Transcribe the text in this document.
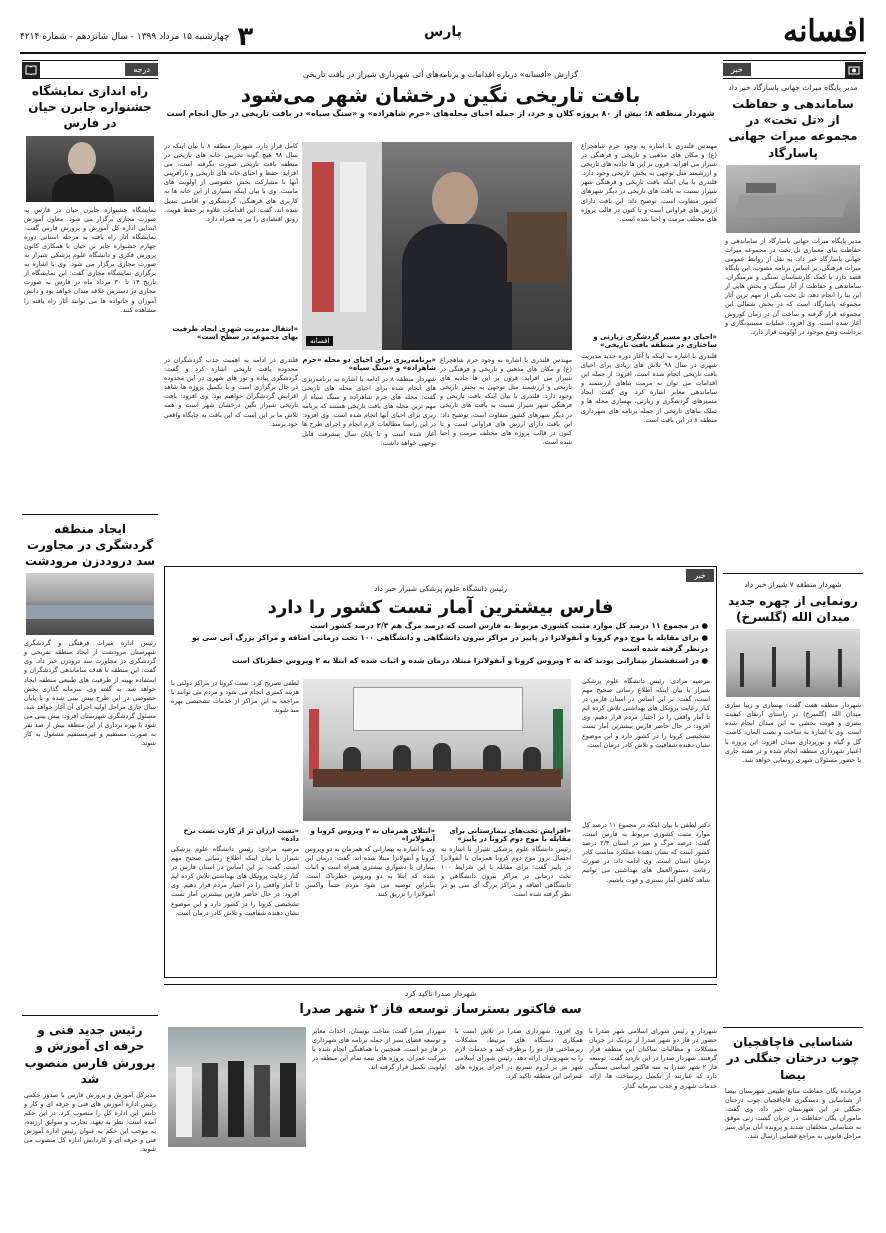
افسانه
پارس
۳
چهارشنبه ۱۵ مرداد ۱۳۹۹ - سال شانزدهم - شماره ۴۲۱۴
درجه
راه اندازی نمایشگاه جشنواره جابرن حیان در فارس
نمایشگاه جشنواره جابرن حیان در فارس به صورت مجازی برگزار می شود. معاون آموزش ابتدایی اداره کل آموزش و پرورش فارس گفت: نمایشگاه آثار راه یافته به مرحله استانی دوره چهارم جشنواره جابر بن حیان با همکاری کانون پرورش فکری و دانشگاه علوم پزشکی شیراز به صورت مجازی برگزار می شود. وی با اشاره به برگزاری نمایشگاه مجازی گفت: این نمایشگاه از تاریخ ۱۴ تا ۳۰ مرداد ماه در فارس به صورت مجازی در دسترس علاقه مندان خواهد بود و دانش آموزان و خانواده ها می توانند آثار راه یافته را مشاهده کنند.
ایجاد منطقه گردشگری در مجاورت سد دروددزن مرودشت
رئیس اداره میراث فرهنگی و گردشگری شهرستان مرودشت از ایجاد منطقه تفریحی و گردشگری در مجاورت سد درودزن خبر داد. وی گفت: این منطقه با هدف ساماندهی گردشگران و استفاده بهینه از ظرفیت های طبیعی منطقه ایجاد خواهد شد. به گفته وی، سرمایه گذاری بخش خصوصی در این طرح پیش بینی شده و تا پایان سال جاری مراحل اولیه اجرای آن آغاز خواهد شد. مسئول گردشگری شهرستان افزود: پیش بینی می شود با بهره برداری از این منطقه بیش از صد نفر به صورت مستقیم و غیرمستقیم مشغول به کار شوند.
رئیس جدید فنی و حرفه ای آموزش و پرورش فارس منصوب شد
مدیرکل آموزش و پرورش فارس با صدور حکمی رئیس اداره آموزش های فنی و حرفه ای و کار و دانش این اداره کل را منصوب کرد. در این حکم آمده است: نظر به تعهد، تجارب و سوابق ارزنده، به موجب این حکم به عنوان رئیس اداره آموزش فنی و حرفه ای و کاردانش اداره کل منصوب می شوید.
خبر
مدیر پایگاه میراث جهانی پاسارگاد خبر داد
ساماندهی و حفاظت از «تل تخت» در مجموعه میراث جهانی پاسارگاد
مدیر پایگاه میراث جهانی پاسارگاد از ساماندهی و حفاظت بنای معماری تل تخت در مجموعه میراث جهانی پاسارگاد خبر داد. به نقل از روابط عمومی میراث فرهنگی، بر اساس برنامه مصوب، این پایگاه قصد دارد با کمک کارشناسان سنگی و مرمتگران، ساماندهی و حفاظت از آثار سنگی و بخش هایی از این بنا را انجام دهد. تل تخت یکی از مهم ترین آثار مجموعه پاسارگاد است که در بخش شمالی این مجموعه قرار گرفته و ساخت آن در زمان کوروش آغاز شده است. وی افزود: عملیات مستندنگاری و برداشت وضع موجود در اولویت قرار دارد.
شهردار منطقه ۷ شیراز خبر داد
رونمایی از چهره جدید میدان الله (گلسرخ)
شهردار منطقه هفت گفت: بهسازی و زیبا سازی میدان الله (گلسرخ) در راستای ارتقای کیفیت بصری و هویت بخشی به این میدان انجام شده است. وی با اشاره به ساخت و نصب المان، کاشت گل و گیاه و نورپردازی میدان افزود: این پروژه با اعتبار شهرداری منطقه انجام شده و در هفته جاری با حضور مسئولان شهری رونمایی خواهد شد.
شناسایی قاچاقچیان چوب درختان جنگلی در بیضا
فرمانده یگان حفاظت منابع طبیعی شهرستان بیضا از شناسایی و دستگیری قاچاقچیان چوب درختان جنگلی در این شهرستان خبر داد. وی گفت: ماموران یگان حفاظت در جریان گشت زنی موفق به شناسایی متخلفان شدند و پرونده آنان برای سیر مراحل قانونی به مراجع قضایی ارسال شد.
گزارش «افسانه» درباره اقدامات و برنامه‌های آتی شهرداری شیراز در بافت تاریخی
بافت تاریخی نگین درخشان شهر می‌شود
شهردار منطقه ۸: بیش از ۸۰ پروژه کلان و خرد، از جمله احیای محله‌های «حرم شاهزاده» و «سنگ سیاه» در بافت تاریخی در حال انجام است
مهندس قلندری با اشاره به وجود حرم شاهچراغ (ع) و مکان های مذهبی و تاریخی و فرهنگی در شیراز می افزاید: قرون بر این ها جاذبه های تاریخی و ارزشمند مثل توجهی به بخش تاریخی وجود دارد. قلندری با بیان اینکه بافت تاریخی و فرهنگی شهر شیراز نسبت به بافت های تاریخی در دیگر شهرهای کشور متفاوت است، توضیح داد: این بافت دارای ارزش های فراوانی است و تا کنون در قالب پروژه های مختلف مرمت و احیا شده است.
«احیای دو مسیر گردشگری زیارتی و ساختاری در منطقه بافت تاریخی»
قلندری با اشاره به اینکه با آغاز دوره جدید مدیریت شهری در سال ۹۸ تلاش های زیادی برای احیای بافت تاریخی انجام شده است، افزود: از جمله این اقدامات می توان به مرمت بناهای ارزشمند و ساماندهی معابر اشاره کرد. وی گفت: ایجاد مسیرهای گردشگری و زیارتی، بهسازی محله ها و تملک بناهای تاریخی از جمله برنامه های شهرداری منطقه ۸ در این بافت است.
افسانه
کامل قرار دارد. شهردار منطقه ۸ با بیان اینکه در سال ۹۸ هیچ گونه تخریبی خانه های تاریخی در منطقه بافت تاریخی صورت نگرفته است، می افزاید: حفظ و احیای خانه های تاریخی و بازآفرینی آنها با مشارکت بخش خصوصی از اولویت های ماست. وی با بیان اینکه بسیاری از این خانه ها به کاربری های فرهنگی، گردشگری و اقامتی تبدیل شده اند، گفت: این اقدامات علاوه بر حفظ هویت، رونق اقتصادی را نیز به همراه دارد.
«انتقال مدیریت شهری ایجاد ظرفیت بهای مجموعه در سطح است»
«برنامه‌ریزی برای احیای دو محله «حرم شاهزاده» و «سنگ سیاه»
شهردار منطقه ۸ در ادامه با اشاره به برنامه‌ریزی های انجام شده برای احیای محله های تاریخی گفت: محله های حرم شاهزاده و سنگ سیاه از مهم ترین محله های بافت تاریخی هستند که برنامه ریزی برای احیای آنها انجام شده است. وی افزود: در این راستا مطالعات لازم انجام و اجرای طرح ها آغاز شده است و تا پایان سال پیشرفت قابل توجهی خواهد داشت.
قلندری در ادامه به اهمیت جذب گردشگران در محدوده بافت تاریخی اشاره کرد و گفت: گردشگری پیاده و تور های شهری در این محدوده در حال برگزاری است و با تکمیل پروژه ها شاهد افزایش گردشگران خواهیم بود. وی افزود: بافت تاریخی شیراز نگین درخشان شهر است و همه تلاش ما بر این است که این بافت به جایگاه واقعی خود برسد.
مهندس قلندری با اشاره به وجود حرم شاهچراغ (ع) و مکان های مذهبی و تاریخی و فرهنگی در شیراز می افزاید: قرون بر این ها جاذبه های تاریخی و ارزشمند مثل توجهی به بخش تاریخی وجود دارد. قلندری با بیان اینکه بافت تاریخی و فرهنگی شهر شیراز نسبت به بافت های تاریخی در دیگر شهرهای کشور متفاوت است، توضیح داد: این بافت دارای ارزش های فراوانی است و تا کنون در قالب پروژه های مختلف مرمت و احیا شده است.
خبر
رئیس دانشگاه علوم پزشکی شیراز خبر داد
فارس بیشترین آمار تست کشور را دارد
● در مجموع ۱۱ درصد کل موارد مثبت کشوری مربوط به فارس است که درصد مرگ هم ۲/۳ درصد کشور است
● برای مقابله با موج دوم کرونا و آنفولانزا در پاییز در مراکز بیرون دانشگاهی و دانشگاهی ۱۰۰ تخت درمانی اضافه و مراکز بزرگ آنی سی یو درنظر گرفته شده است
● در استفشمار بیمارانی بودند که به ۲ ویروس کرونا و آنفولانزا مبتلا، درمان شده و اثبات شده که ابتلا به ۲ ویروس خطرناک است
مرضیه مرادی: رئیس دانشگاه علوم پزشکی شیراز با بیان اینکه اطلاع رسانی صحیح مهم است، گفت: بر این اساس در استان فارس در کنار رعایت پروتکل های بهداشتی تلاش کرده ایم تا آمار واقعی را در اختیار مردم قرار دهیم. وی افزود: در حال حاضر فارس بیشترین آمار تست تشخیصی کرونا را در کشور دارد و این موضوع نشان دهنده شفافیت و تلاش کادر درمان است.
دکتر لطفی با بیان اینکه در مجموع ۱۱ درصد کل موارد مثبت کشوری مربوط به فارس است، گفت: درصد مرگ و میر در استان ۲/۳ درصد کشور است که نشان دهنده عملکرد مناسب کادر درمان استان است. وی ادامه داد: در صورت رعایت دستورالعمل های بهداشتی می توانیم شاهد کاهش آمار بستری و فوت باشیم.
لطفی تصریح کرد: تست کرونا در مراکز دولتی با هزینه کمتری انجام می شود و مردم می توانند با مراجعه به این مراکز از خدمات تشخیصی بهره مند شوند.
«افزایش تخت‌های بیمارستانی برای مقابله با موج دوم کرونا در پاییز»
رئیس دانشگاه علوم پزشکی شیراز با اشاره به احتمال بروز موج دوم کرونا همزمان با آنفولانزا در پاییز گفت: برای مقابله با این شرایط ۱۰۰ تخت درمانی در مراکز بیرون دانشگاهی و دانشگاهی اضافه و مراکز بزرگ آی سی یو در نظر گرفته شده است.
«ابتلای همزمان به ۲ ویروس کرونا و آنفولانزا»
وی با اشاره به بیمارانی که همزمان به دو ویروس کرونا و آنفولانزا مبتلا شده اند، گفت: درمان این بیماران با دشواری بیشتری همراه است و اثبات شده که ابتلا به دو ویروس خطرناک است. بنابراین توصیه می شود مردم حتماً واکسن آنفولانزا را تزریق کنند.
«تست ارزان تر از کارت تست نرخ داده»
مرضیه مرادی: رئیس دانشگاه علوم پزشکی شیراز با بیان اینکه اطلاع رسانی صحیح مهم است، گفت: بر این اساس در استان فارس در کنار رعایت پروتکل های بهداشتی تلاش کرده ایم تا آمار واقعی را در اختیار مردم قرار دهیم. وی افزود: در حال حاضر فارس بیشترین آمار تست تشخیصی کرونا را در کشور دارد و این موضوع نشان دهنده شفافیت و تلاش کادر درمان است.
شهردار صدرا تاکید کرد
سه فاکتور بسترساز توسعه فاز ۲ شهر صدرا
شهردار و رئیس شورای اسلامی شهر صدرا با حضور در فاز دو شهر صدرا از نزدیک در جریان مشکلات و مطالبات ساکنان این منطقه قرار گرفتند. شهردار صدرا در این بازدید گفت: توسعه فاز ۲ شهر صدرا به سه فاکتور اساسی بستگی دارد که عبارتند از تکمیل زیرساخت ها، ارائه خدمات شهری و جذب سرمایه گذار.
وی افزود: شهرداری صدرا در تلاش است با همکاری دستگاه های مرتبط، مشکلات زیرساختی فاز دو را برطرف کند و خدمات لازم را به شهروندان ارائه دهد. رئیس شورای اسلامی شهر نیز بر لزوم تسریع در اجرای پروژه های عمرانی این منطقه تاکید کرد.
شهردار صدرا گفت: ساخت بوستان، احداث معابر و توسعه فضای سبز از جمله برنامه های شهرداری در فاز دو است. همچنین با هماهنگی انجام شده با شرکت عمران، پروژه های نیمه تمام این منطقه در اولویت تکمیل قرار گرفته اند.
